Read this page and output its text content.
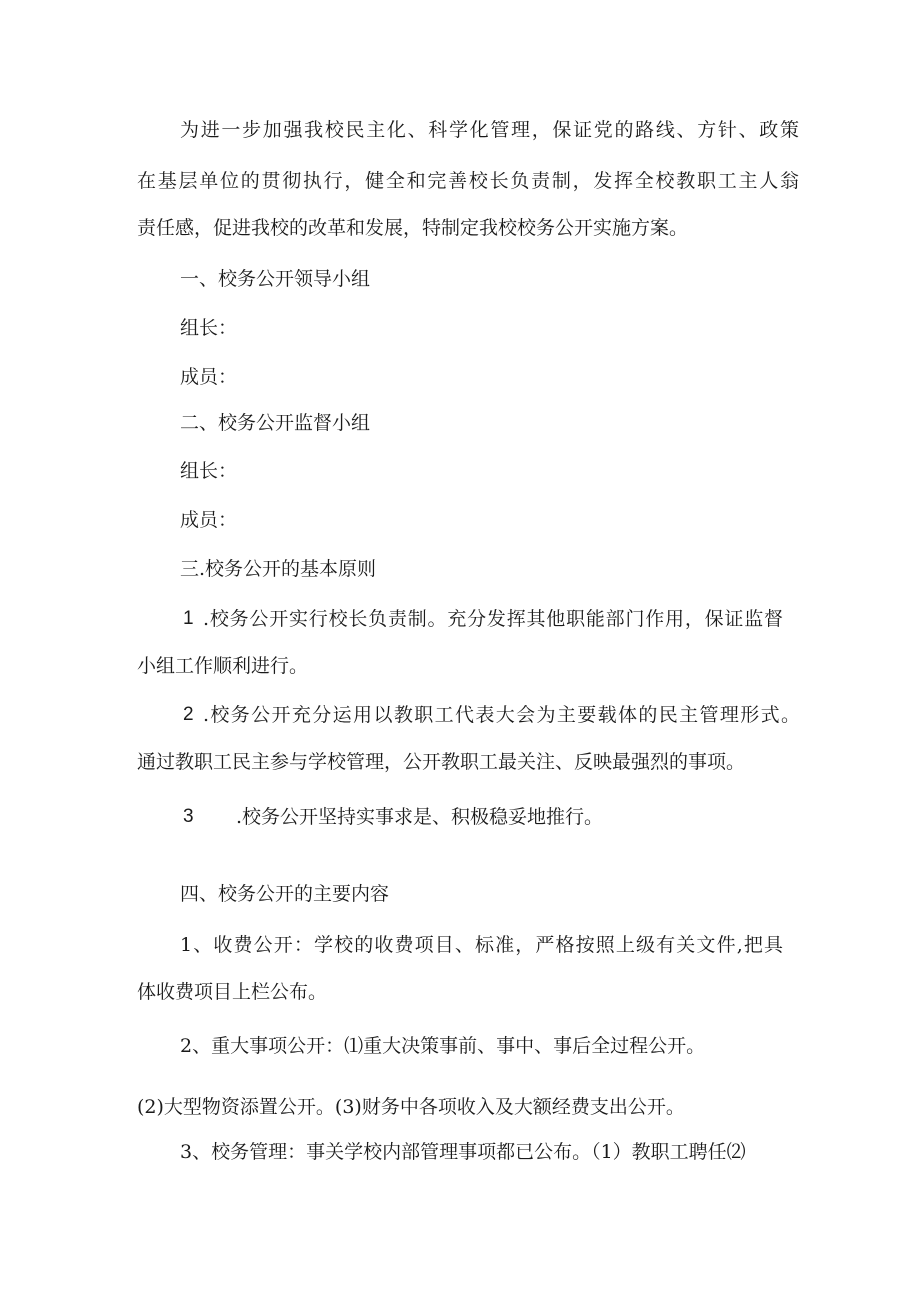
为进一步加强我校民主化、科学化管理，保证党的路线、方针、政策
在基层单位的贯彻执行，健全和完善校长负责制，发挥全校教职工主人翁
责任感，促进我校的改革和发展，特制定我校校务公开实施方案。
一、校务公开领导小组
组长：
成员：
二、校务公开监督小组
组长：
成员：
三.校务公开的基本原则
1 .校务公开实行校长负责制。充分发挥其他职能部门作用，保证监督
小组工作顺利进行。
2 .校务公开充分运用以教职工代表大会为主要载体的民主管理形式。
通过教职工民主参与学校管理，公开教职工最关注、反映最强烈的事项。
3 .校务公开坚持实事求是、积极稳妥地推行。
四、校务公开的主要内容
1、收费公开：学校的收费项目、标准，严格按照上级有关文件,把具
体收费项目上栏公布。
2、重大事项公开：⑴重大决策事前、事中、事后全过程公开。
(2)大型物资添置公开。(3)财务中各项收入及大额经费支出公开。
3、校务管理：事关学校内部管理事项都已公布。（1）教职工聘任⑵
